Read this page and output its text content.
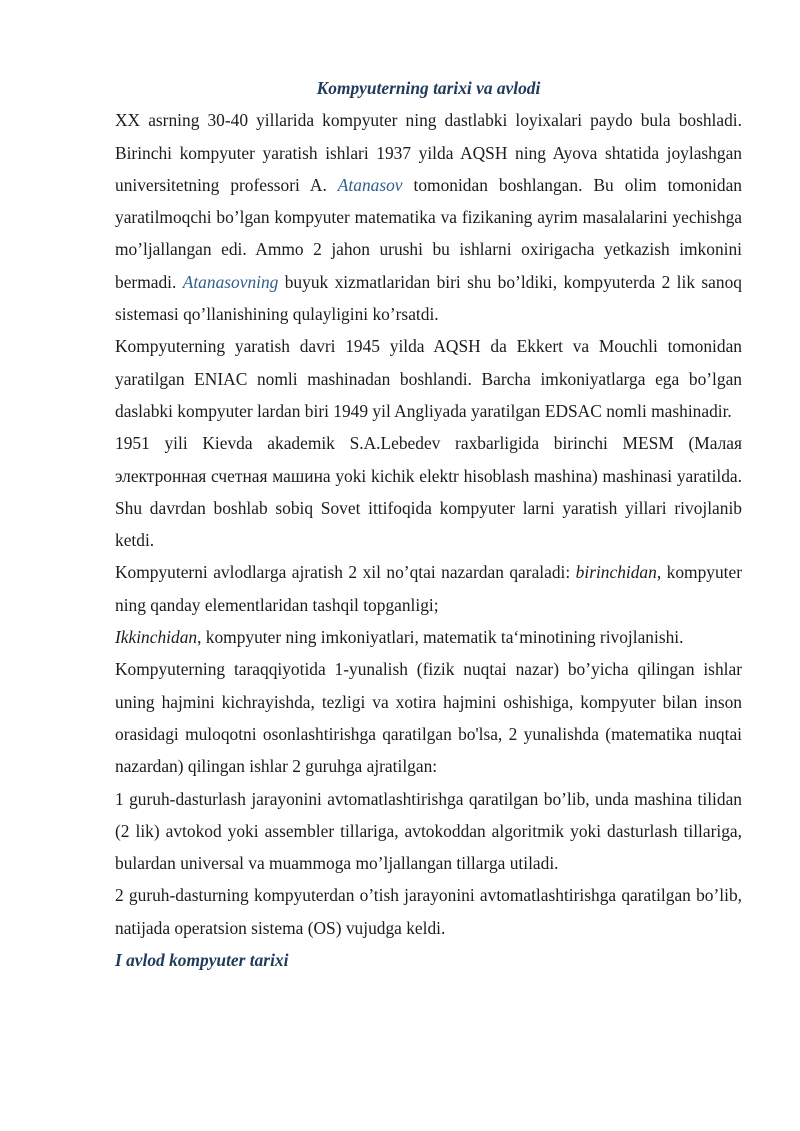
Kompyuterning tarixi va avlodi

XX asrning 30-40 yillarida kompyuter ning dastlabki loyixalari paydo bula boshladi. Birinchi kompyuter yaratish ishlari 1937 yilda AQSH ning Ayova shtatida joylashgan universitetning professori A. Atanasov tomonidan boshlangan. Bu olim tomonidan yaratilmoqchi bo’lgan kompyuter matematika va fizikaning ayrim masalalarini yechishga mo’ljallangan edi. Ammo 2 jahon urushi bu ishlarni oxirigacha yetkazish imkonini bermadi. Atanasovning buyuk xizmatlaridan biri shu bo’ldiki, kompyuterda 2 lik sanoq sistemasi qo’llanishining qulayligini ko’rsatdi.

Kompyuterning yaratish davri 1945 yilda AQSH da Ekkert va Mouchli tomonidan yaratilgan ENIAC nomli mashinadan boshlandi. Barcha imkoniyatlarga ega bo’lgan daslabki kompyuter lardan biri 1949 yil Angliyada yaratilgan EDSAC nomli mashinadir.

1951 yili Kievda akademik S.A.Lebedev raxbarligida birinchi MESM (Малая электронная счетная машина yoki kichik elektr hisoblash mashina) mashinasi yaratilda. Shu davrdan boshlab sobiq Sovet ittifoqida kompyuter larni yaratish yillari rivojlanib ketdi.

Kompyuterni avlodlarga ajratish 2 xil no’qtai nazardan qaraladi: birinchidan, kompyuter ning qanday elementlaridan tashqil topganligi;

Ikkinchidan, kompyuter ning imkoniyatlari, matematik ta‘minotining rivojlanishi.

Kompyuterning taraqqiyotida 1-yunalish (fizik nuqtai nazar) bo’yicha qilingan ishlar uning hajmini kichrayishda, tezligi va xotira hajmini oshishiga, kompyuter bilan inson orasidagi muloqotni osonlashtirishga qaratilgan bo'lsa, 2 yunalishda (matematika nuqtai nazardan) qilingan ishlar 2 guruhga ajratilgan:

1 guruh-dasturlash jarayonini avtomatlashtirishga qaratilgan bo’lib, unda mashina tilidan (2 lik) avtokod yoki assembler tillariga, avtokoddan algoritmik yoki dasturlash tillariga, bulardan universal va muammoga mo’ljallangan tillarga utiladi.

2 guruh-dasturning kompyuterdan o’tish jarayonini avtomatlashtirishga qaratilgan bo’lib, natijada operatsion sistema (OS) vujudga keldi.

I avlod kompyuter tarixi
